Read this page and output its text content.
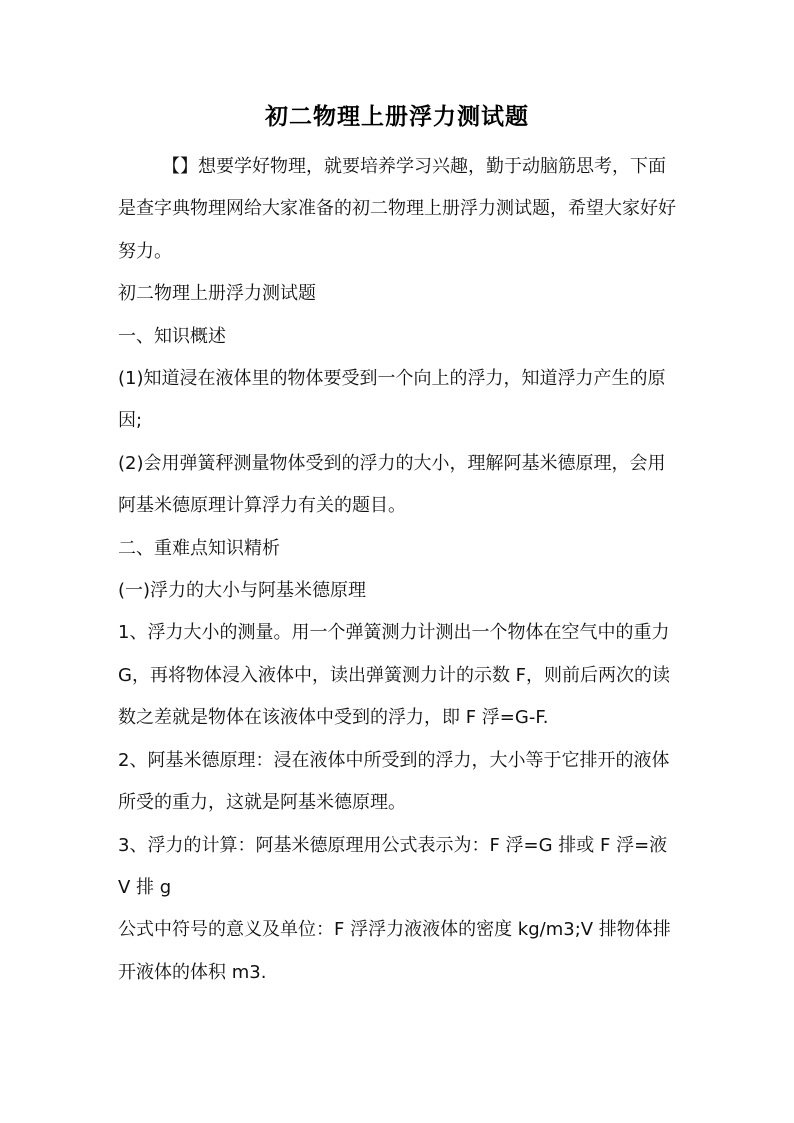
初二物理上册浮力测试题

【】想要学好物理，就要培养学习兴趣，勤于动脑筋思考，下面是查字典物理网给大家准备的初二物理上册浮力测试题，希望大家好好努力。

初二物理上册浮力测试题

一、知识概述

(1)知道浸在液体里的物体要受到一个向上的浮力，知道浮力产生的原因;

(2)会用弹簧秤测量物体受到的浮力的大小，理解阿基米德原理，会用阿基米德原理计算浮力有关的题目。

二、重难点知识精析

(一)浮力的大小与阿基米德原理

1、浮力大小的测量。用一个弹簧测力计测出一个物体在空气中的重力 G，再将物体浸入液体中，读出弹簧测力计的示数 F，则前后两次的读数之差就是物体在该液体中受到的浮力，即 F 浮=G-F.

2、阿基米德原理：浸在液体中所受到的浮力，大小等于它排开的液体所受的重力，这就是阿基米德原理。

3、浮力的计算：阿基米德原理用公式表示为：F 浮=G 排或 F 浮=液 V 排 g

公式中符号的意义及单位：F 浮浮力液液体的密度 kg/m3;V 排物体排开液体的体积 m3.
